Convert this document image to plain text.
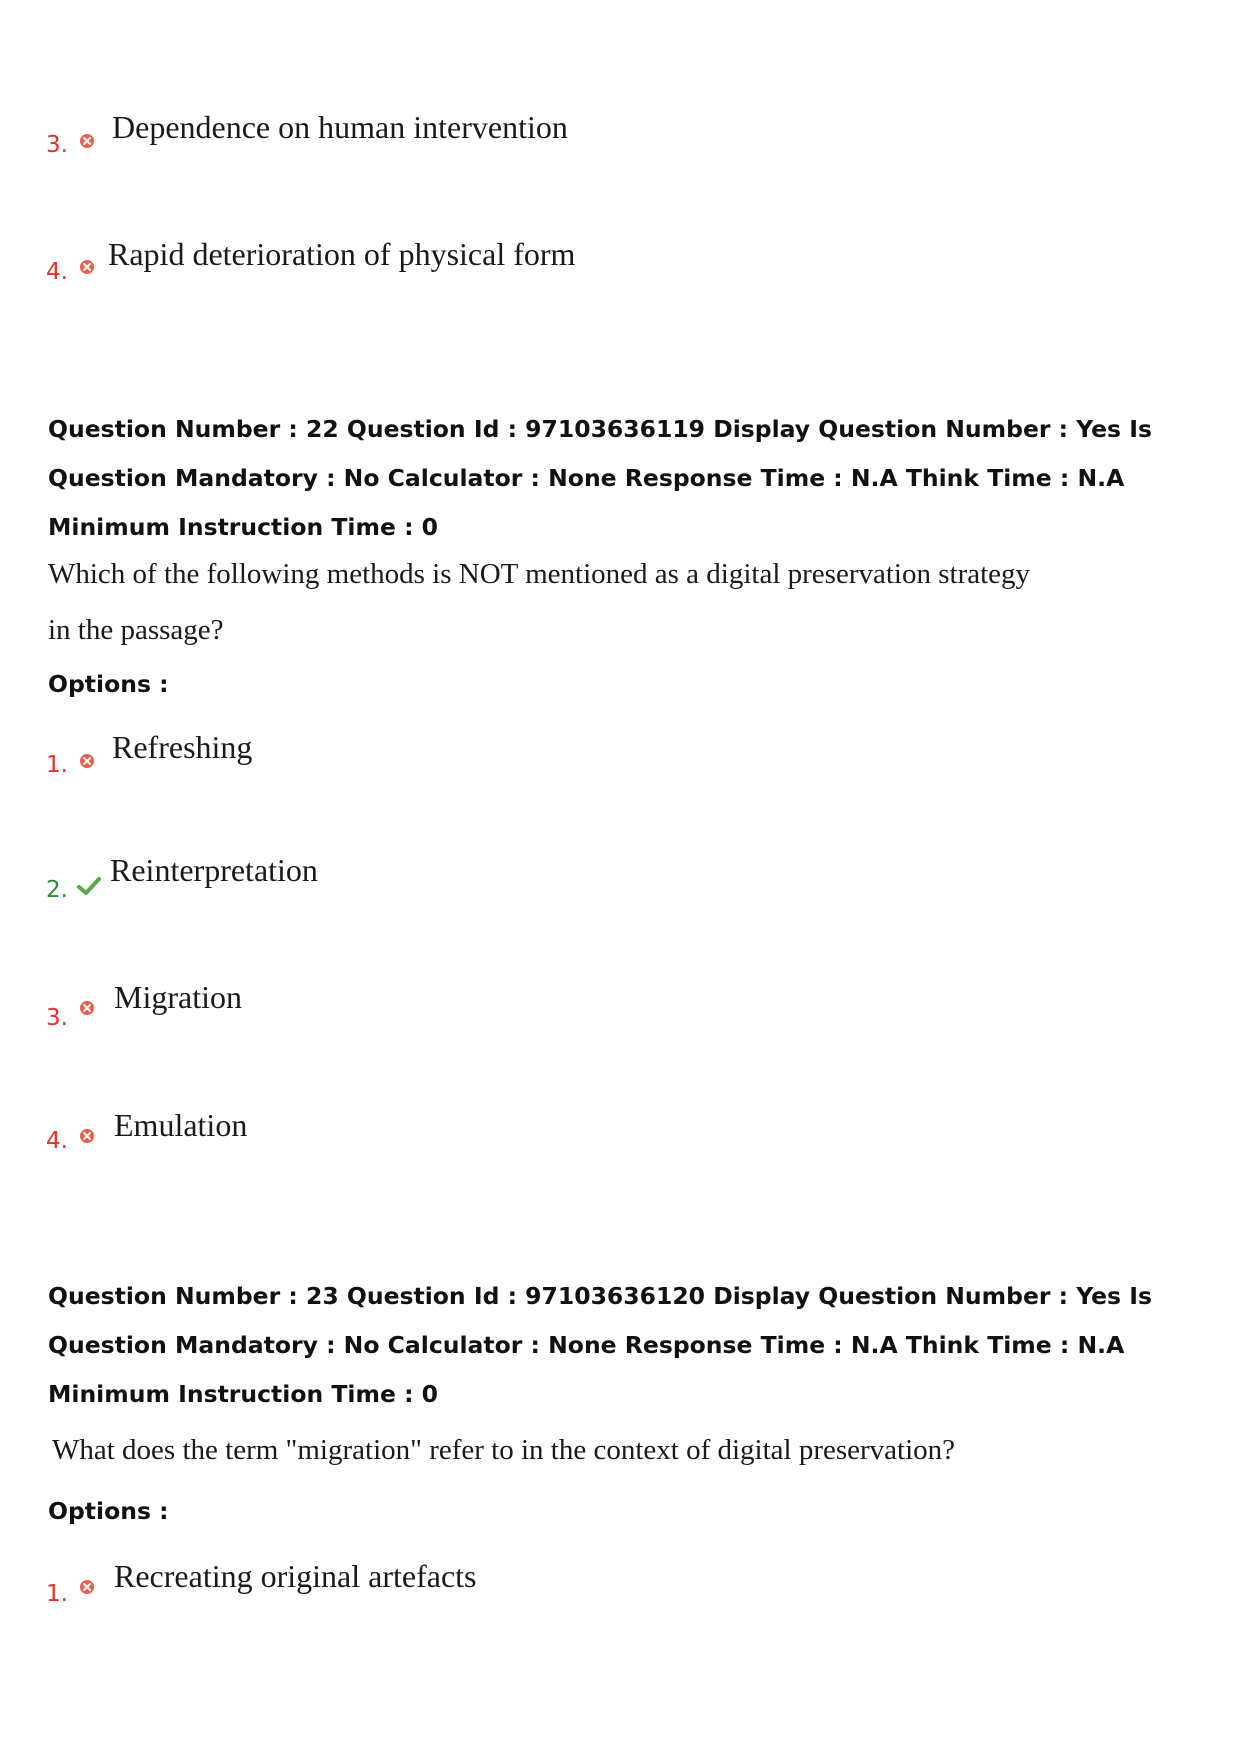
3. Dependence on human intervention
4. Rapid deterioration of physical form
Question Number : 22 Question Id : 97103636119 Display Question Number : Yes Is Question Mandatory : No Calculator : None Response Time : N.A Think Time : N.A Minimum Instruction Time : 0
Which of the following methods is NOT mentioned as a digital preservation strategy
in the passage?
Options :
1. Refreshing
2.
Reinterpretation
3.
Migration
4. Emulation
Question Number : 23 Question Id : 97103636120 Display Question Number : Yes Is Question Mandatory : No Calculator : None Response Time : N.A Think Time : N.A Minimum Instruction Time : 0
What does the term "migration" refer to in the context of digital preservation?
Options :
1. Recreating original artefacts
